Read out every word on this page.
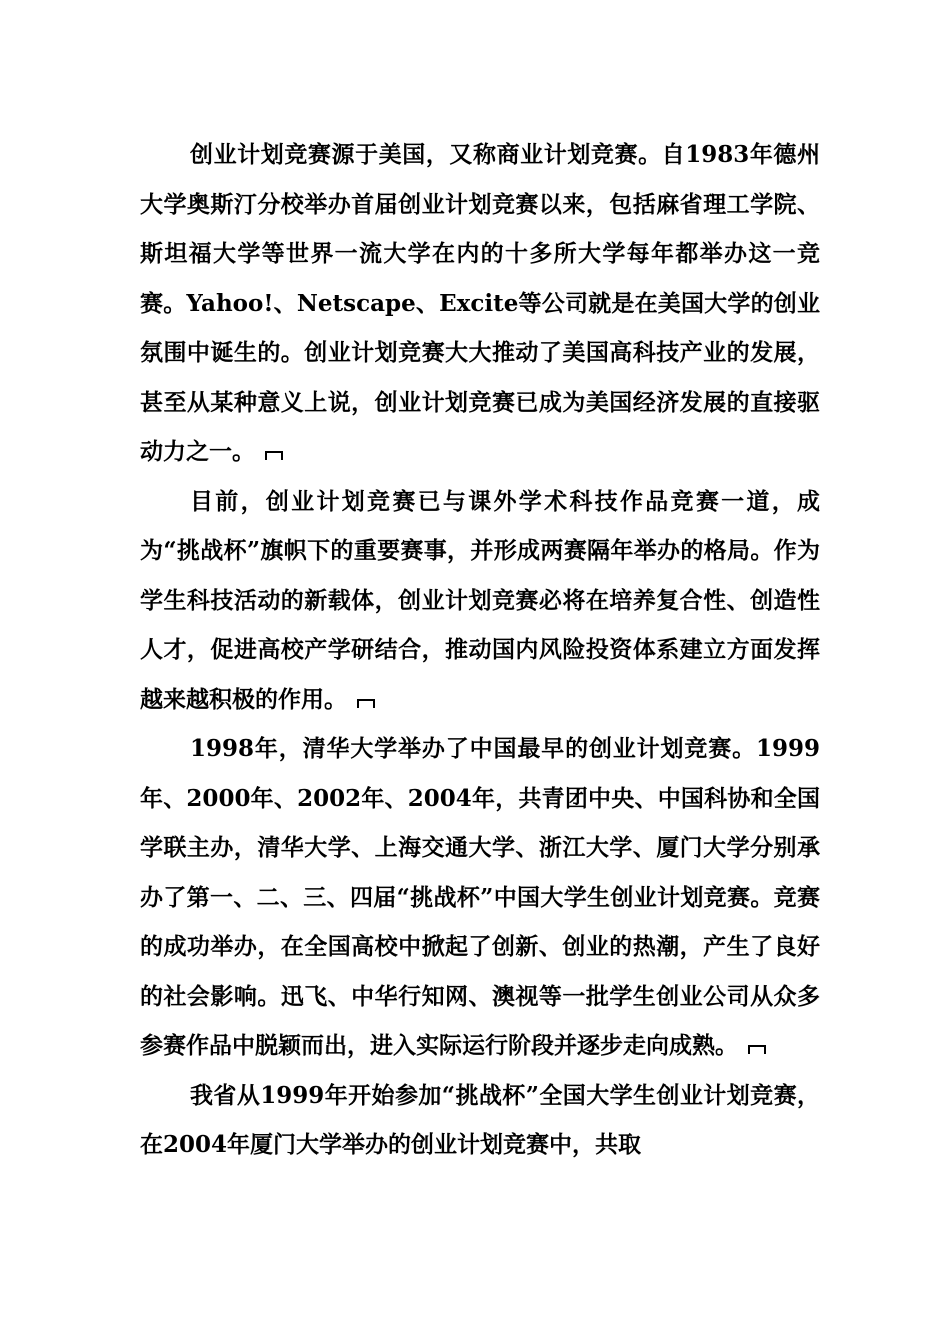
创业计划竞赛源于美国，又称商业计划竞赛。自1983年德州大学奥斯汀分校举办首届创业计划竞赛以来，包括麻省理工学院、斯坦福大学等世界一流大学在内的十多所大学每年都举办这一竞赛。Yahoo!、Netscape、Excite等公司就是在美国大学的创业氛围中诞生的。创业计划竞赛大大推动了美国高科技产业的发展，甚至从某种意义上说，创业计划竞赛已成为美国经济发展的直接驱动力之一。

目前，创业计划竞赛已与课外学术科技作品竞赛一道，成为“挑战杯”旗帜下的重要赛事，并形成两赛隔年举办的格局。作为学生科技活动的新载体，创业计划竞赛必将在培养复合性、创造性人才，促进高校产学研结合，推动国内风险投资体系建立方面发挥越来越积极的作用。

1998年，清华大学举办了中国最早的创业计划竞赛。1999年、2000年、2002年、2004年，共青团中央、中国科协和全国学联主办，清华大学、上海交通大学、浙江大学、厦门大学分别承办了第一、二、三、四届“挑战杯”中国大学生创业计划竞赛。竞赛的成功举办，在全国高校中掀起了创新、创业的热潮，产生了良好的社会影响。迅飞、中华行知网、澳视等一批学生创业公司从众多参赛作品中脱颖而出，进入实际运行阶段并逐步走向成熟。

我省从1999年开始参加“挑战杯”全国大学生创业计划竞赛，在2004年厦门大学举办的创业计划竞赛中，共取
